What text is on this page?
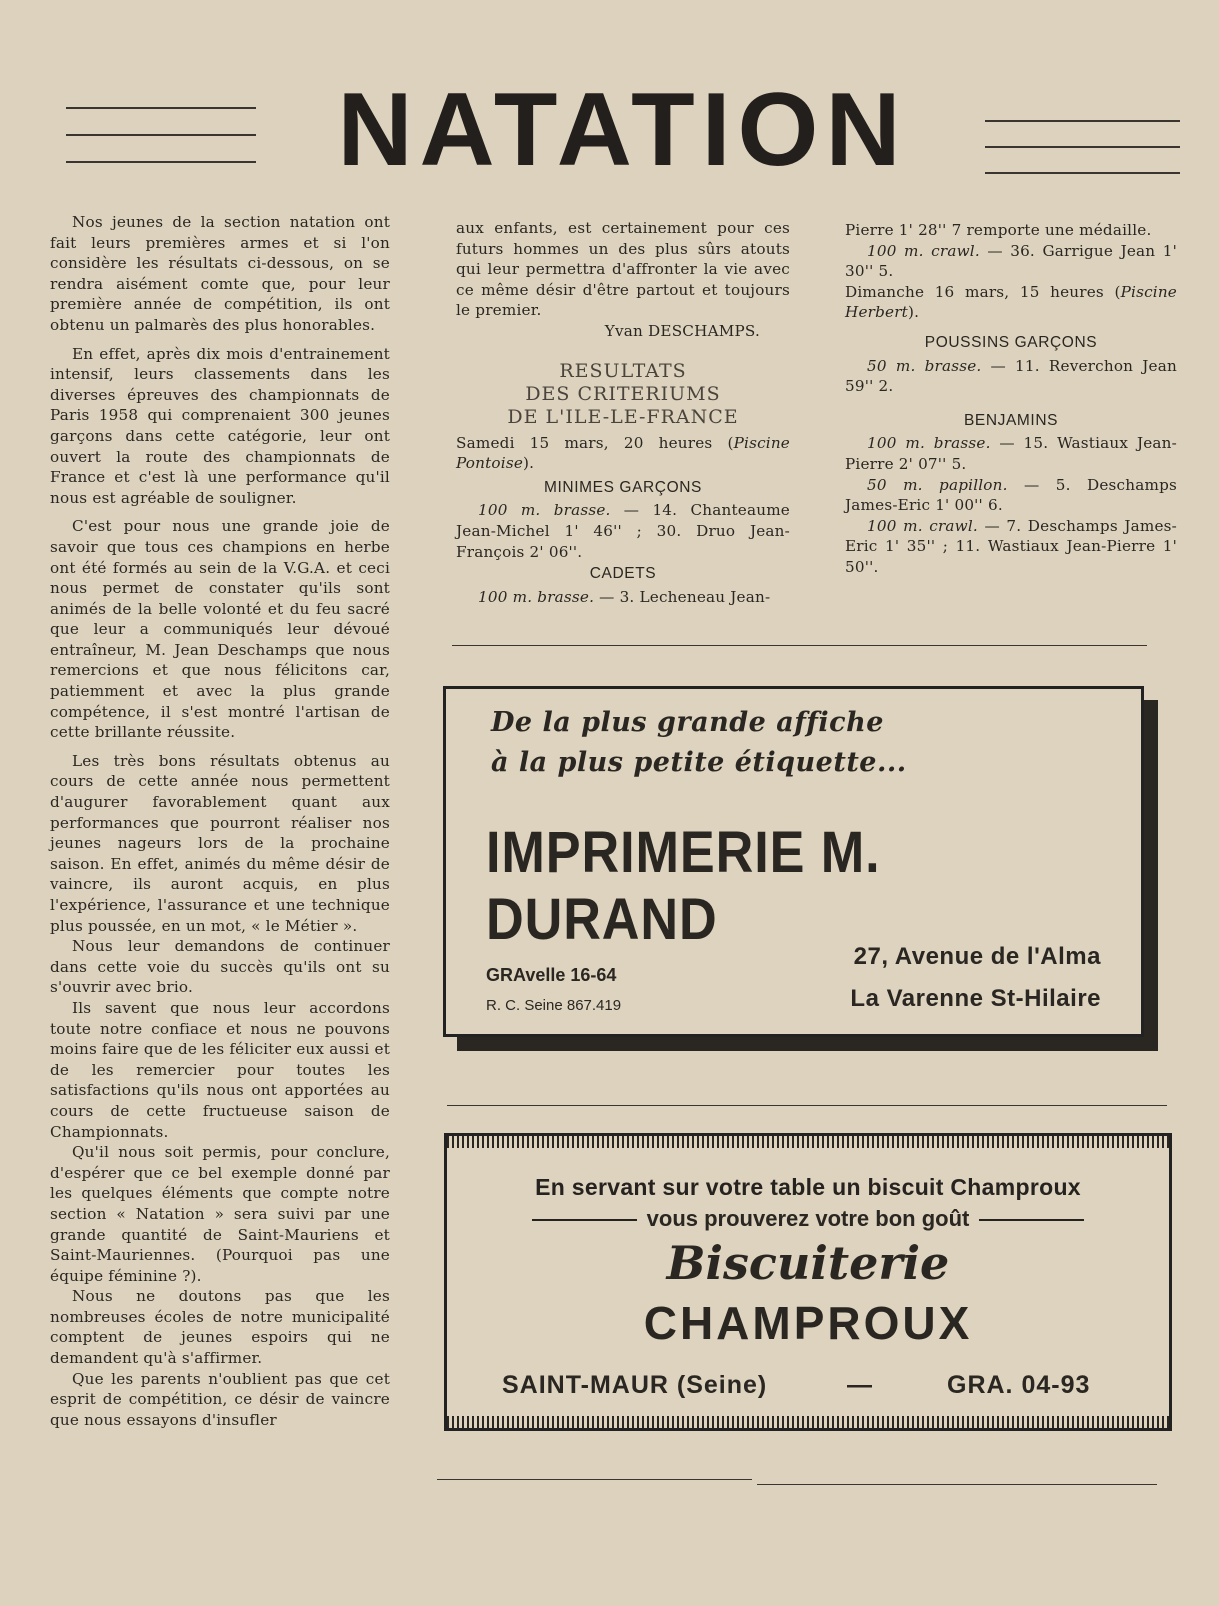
NATATION

Nos jeunes de la section natation ont fait leurs premières armes et si l'on considère les résultats ci-dessous, on se rendra aisément comte que, pour leur première année de compétition, ils ont obtenu un palmarès des plus honorables.

En effet, après dix mois d'entrainement intensif, leurs classements dans les diverses épreuves des championnats de Paris 1958 qui comprenaient 300 jeunes garçons dans cette catégorie, leur ont ouvert la route des championnats de France et c'est là une performance qu'il nous est agréable de souligner.

C'est pour nous une grande joie de savoir que tous ces champions en herbe ont été formés au sein de la V.G.A. et ceci nous permet de constater qu'ils sont animés de la belle volonté et du feu sacré que leur a communiqués leur dévoué entraîneur, M. Jean Deschamps que nous remercions et que nous félicitons car, patiemment et avec la plus grande compétence, il s'est montré l'artisan de cette brillante réussite.

Les très bons résultats obtenus au cours de cette année nous permettent d'augurer favorablement quant aux performances que pourront réaliser nos jeunes nageurs lors de la prochaine saison. En effet, animés du même désir de vaincre, ils auront acquis, en plus l'expérience, l'assurance et une technique plus poussée, en un mot, « le Métier ».

Nous leur demandons de continuer dans cette voie du succès qu'ils ont su s'ouvrir avec brio.

Ils savent que nous leur accordons toute notre confiace et nous ne pouvons moins faire que de les féliciter eux aussi et de les remercier pour toutes les satisfactions qu'ils nous ont apportées au cours de cette fructueuse saison de Championnats.

Qu'il nous soit permis, pour conclure, d'espérer que ce bel exemple donné par les quelques éléments que compte notre section « Natation » sera suivi par une grande quantité de Saint-Mauriens et Saint-Mauriennes. (Pourquoi pas une équipe féminine ?).

Nous ne doutons pas que les nombreuses écoles de notre municipalité comptent de jeunes espoirs qui ne demandent qu'à s'affirmer.

Que les parents n'oublient pas que cet esprit de compétition, ce désir de vaincre que nous essayons d'insufler

aux enfants, est certainement pour ces futurs hommes un des plus sûrs atouts qui leur permettra d'affronter la vie avec ce même désir d'être partout et toujours le premier.

Yvan DESCHAMPS.

RESULTATS
DES CRITERIUMS
DE L'ILE-LE-FRANCE

Samedi 15 mars, 20 heures (Piscine Pontoise).

MINIMES GARÇONS

100 m. brasse. — 14. Chanteaume Jean-Michel 1' 46'' ; 30. Druo Jean-François 2' 06''.

CADETS

100 m. brasse. — 3. Lecheneau Jean-

Pierre 1' 28'' 7 remporte une médaille.

100 m. crawl. — 36. Garrigue Jean 1' 30'' 5.

Dimanche 16 mars, 15 heures (Piscine Herbert).

POUSSINS GARÇONS

50 m. brasse. — 11. Reverchon Jean 59'' 2.

BENJAMINS

100 m. brasse. — 15. Wastiaux Jean-Pierre 2' 07'' 5.

50 m. papillon. — 5. Deschamps James-Eric 1' 00'' 6.

100 m. crawl. — 7. Deschamps James-Eric 1' 35'' ; 11. Wastiaux Jean-Pierre 1' 50''.

De la plus grande affiche
à la plus petite étiquette...
IMPRIMERIE M. DURAND
GRAvelle 16-64
R. C. Seine 867.419
27, Avenue de l'Alma
La Varenne St-Hilaire
En servant sur votre table un biscuit Champroux
vous prouverez votre bon goût
Biscuiterie
CHAMPROUX
SAINT-MAUR (Seine)	—	GRA. 04-93
